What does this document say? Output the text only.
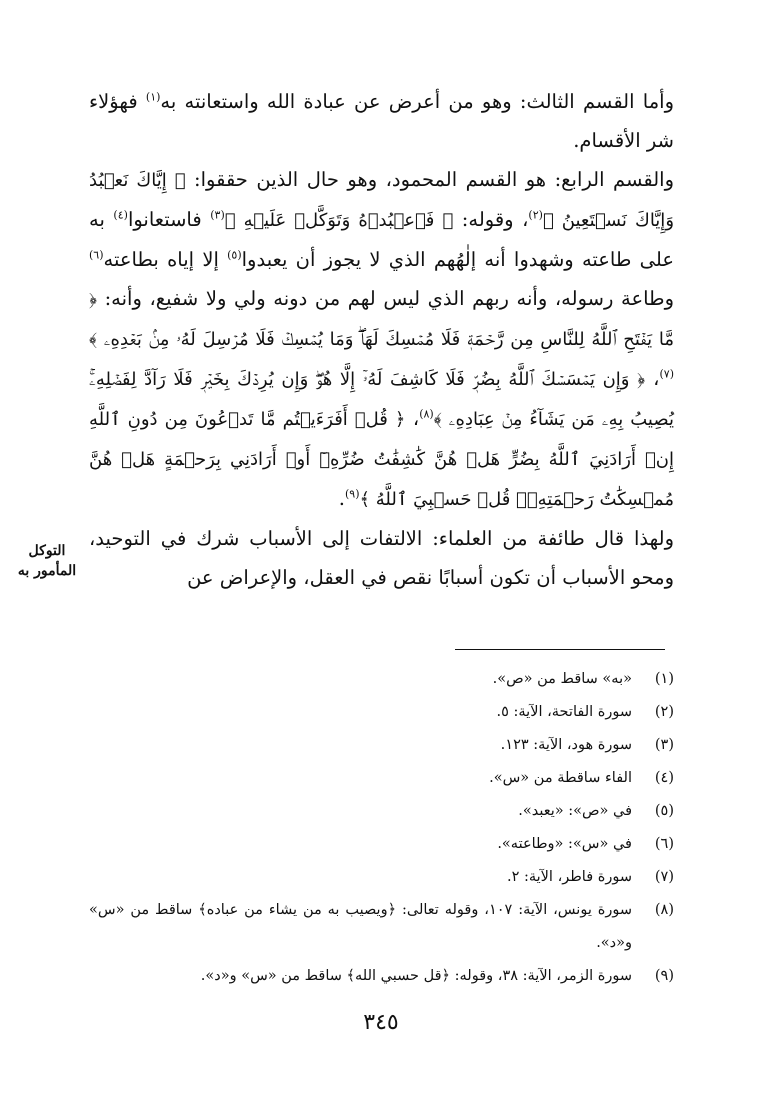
وأما القسم الثالث: وهو من أعرض عن عبادة الله واستعانته به$^{(١)}$ فهؤلاء شر الأقسام.

والقسم الرابع: هو القسم المحمود، وهو حال الذين حققوا: ﴿ إِيَّاكَ نَعۡبُدُ وَإِيَّاكَ نَسۡتَعِينُ ﴾$^{(٢)}$، وقوله: ﴿ فَٱعۡبُدۡهُ وَتَوَكَّلۡ عَلَيۡهِ ﴾$^{(٣)}$ فاستعانوا$^{(٤)}$ به على طاعته وشهدوا أنه إلٰهُهم الذي لا يجوز أن يعبدوا$^{(٥)}$ إلا إياه بطاعته$^{(٦)}$ وطاعة رسوله، وأنه ربهم الذي ليس لهم من دونه ولي ولا شفيع، وأنه: ﴿ مَّا يَفۡتَحِ ٱللَّهُ لِلنَّاسِ مِن رَّحۡمَةٖ فَلَا مُمۡسِكَ لَهَاۖ وَمَا يُمۡسِكۡ فَلَا مُرۡسِلَ لَهُۥ مِنۢ بَعۡدِهِۦ ﴾$^{(٧)}$، ﴿ وَإِن يَمۡسَسۡكَ ٱللَّهُ بِضُرّٖ فَلَا كَاشِفَ لَهُۥٓ إِلَّا هُوَۖ وَإِن يُرِدۡكَ بِخَيۡرٖ فَلَا رَآدَّ لِفَضۡلِهِۦۚ يُصِيبُ بِهِۦ مَن يَشَآءُ مِنۡ عِبَادِهِۦ ﴾$^{(٨)}$، ﴿ قُلۡ أَفَرَءَيۡتُم مَّا تَدۡعُونَ مِن دُونِ ٱللَّهِ إِنۡ أَرَادَنِيَ ٱللَّهُ بِضُرٍّ هَلۡ هُنَّ كَٰشِفَٰتُ ضُرِّهِۦٓ أَوۡ أَرَادَنِي بِرَحۡمَةٍ هَلۡ هُنَّ مُمۡسِكَٰتُ رَحۡمَتِهِۦۚ قُلۡ حَسۡبِيَ ٱللَّهُ ﴾$^{(٩)}$.

ولهذا قال طائفة من العلماء: الالتفات إلى الأسباب شرك في التوحيد، ومحو الأسباب أن تكون أسبابًا نقص في العقل، والإعراض عن

التوكل
المأمور به
( ١ )
«به» ساقط من «ص».
( ٢ )
سورة الفاتحة، الآية: ٥.
( ٣ )
سورة هود، الآية: ١٢٣.
( ٤ )
الفاء ساقطة من «س».
( ٥ )
في «ص»: «يعبد».
( ٦ )
في «س»: «وطاعته».
( ٧ )
سورة فاطر، الآية: ٢.
( ٨ )
سورة يونس، الآية: ١٠٧، وقوله تعالى: ﴿ويصيب به من يشاء من عباده﴾ ساقط من «س» و«د».
( ٩ )
سورة الزمر، الآية: ٣٨، وقوله: ﴿قل حسبي الله﴾ ساقط من «س» و«د».
٣٤٥
